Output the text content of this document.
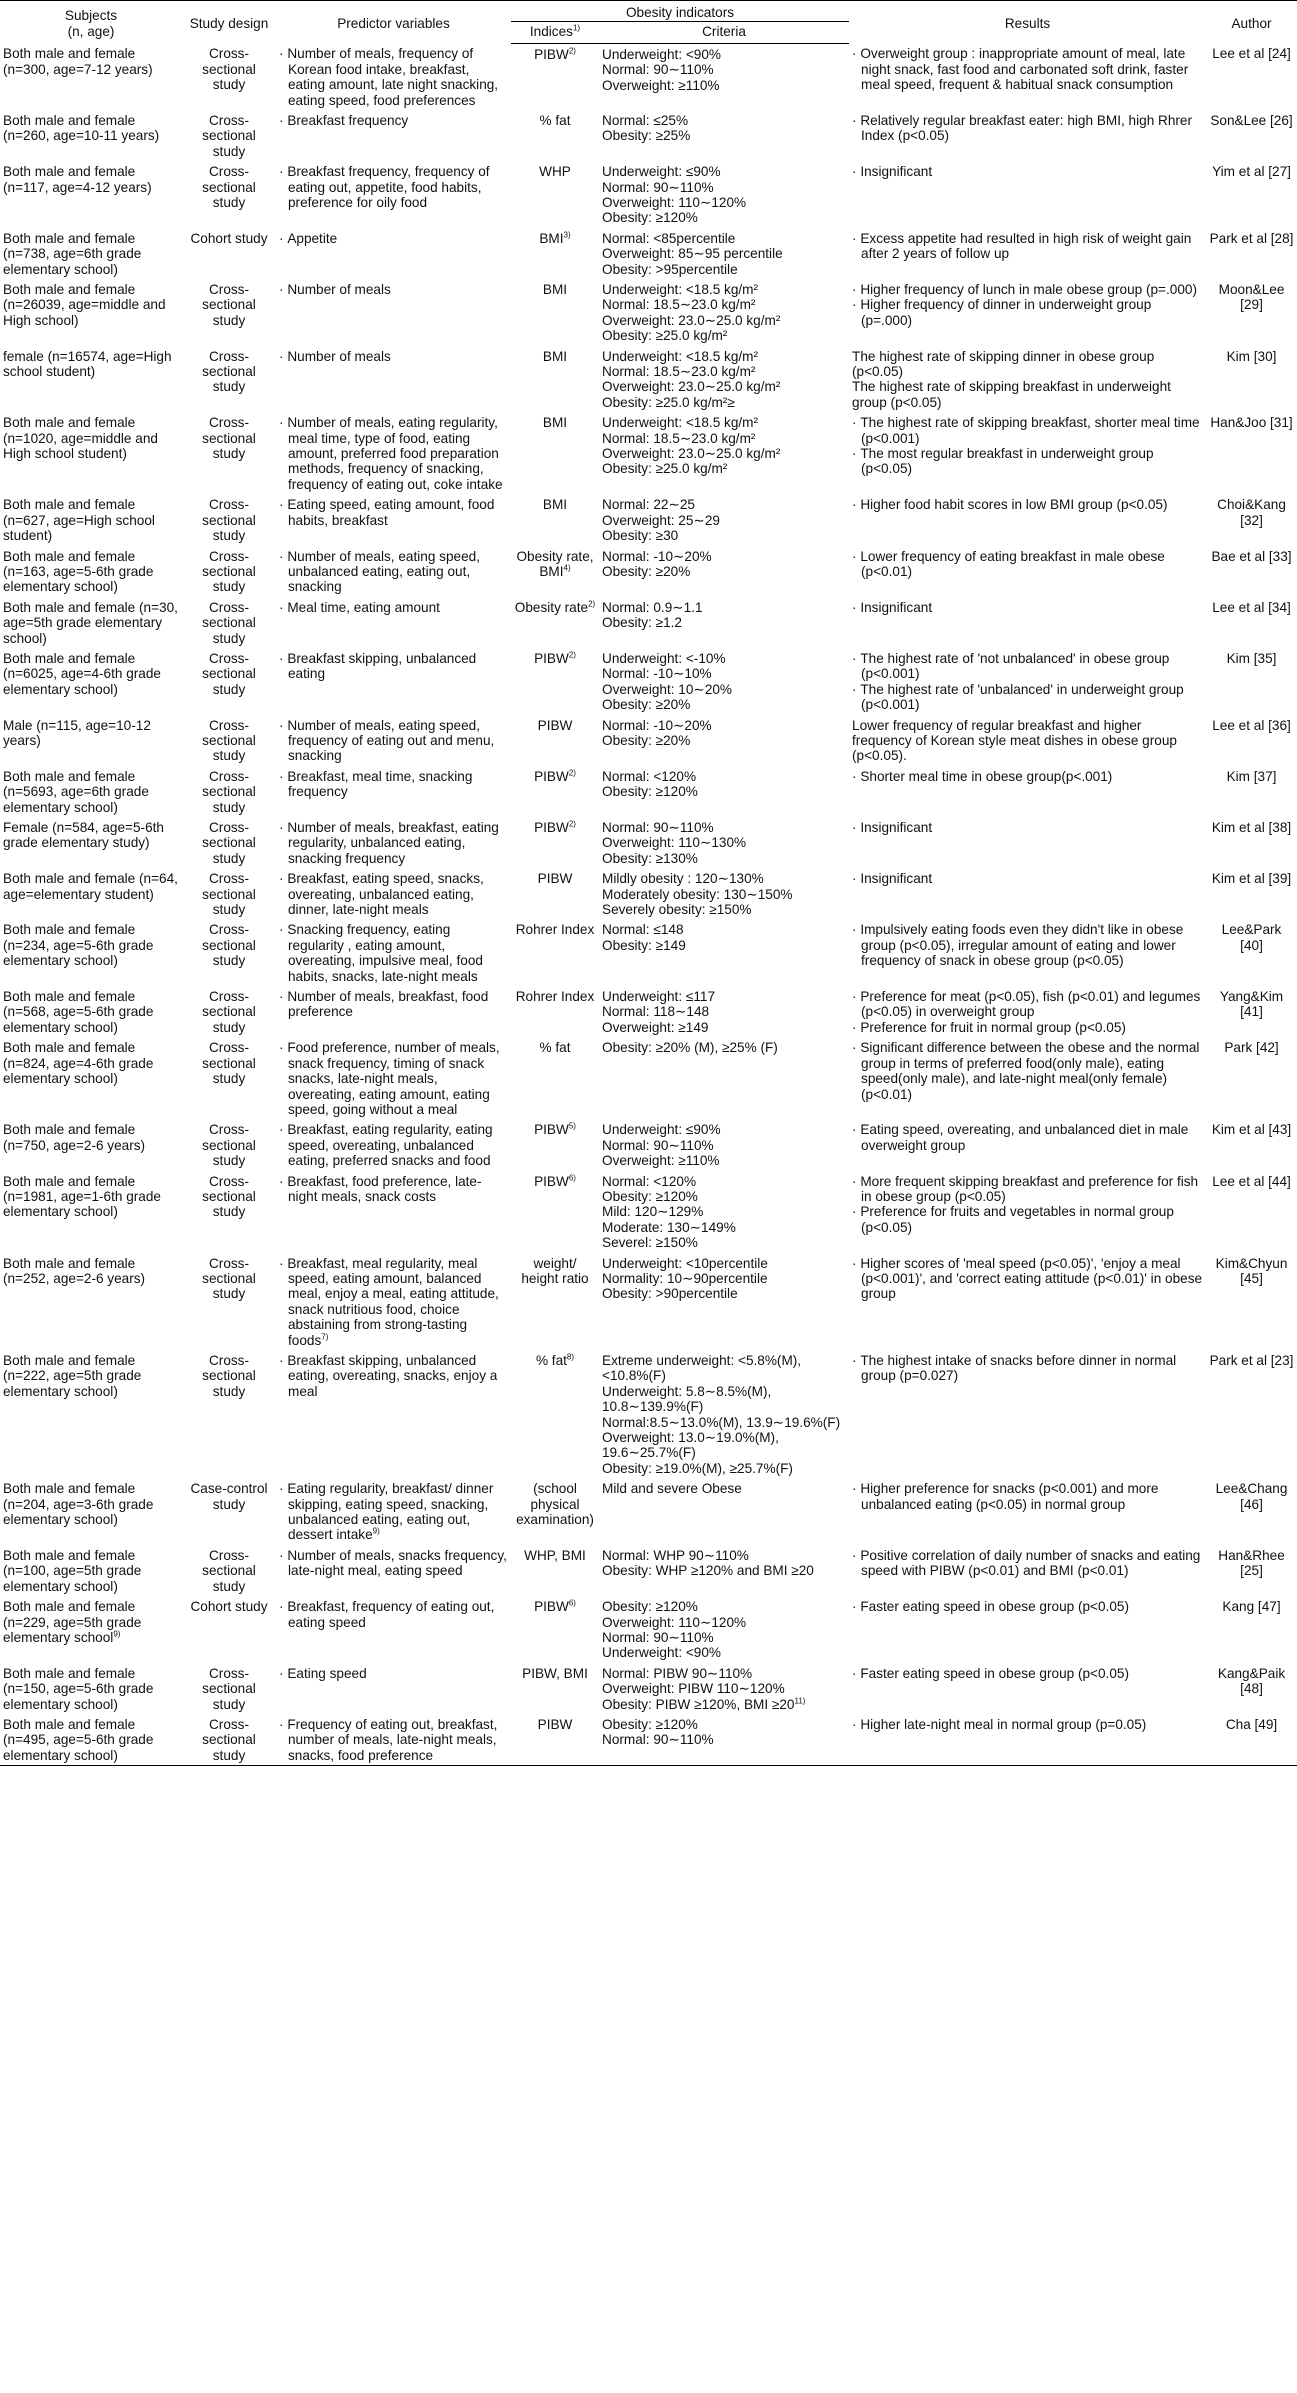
Subjects
(n, age)	Study design	Predictor variables	Obesity indicators		Results	Author
			Indices$^{1)}$	Criteria		
Both male and female (n=300, age=7-12 years)	Cross-sectional study	· Number of meals, frequency of Korean food intake, breakfast, eating amount, late night snacking, eating speed, food preferences	PIBW$^{2)}$	Underweight: <90%
Normal: 90∼110%
Overweight: ≥110%	· Overweight group : inappropriate amount of meal, late night snack, fast food and carbonated soft drink, faster meal speed, frequent & habitual snack consumption	Lee et al [24]
Both male and female (n=260, age=10-11 years)	Cross-sectional study	· Breakfast frequency	% fat	Normal: ≤25%
Obesity: ≥25%	· Relatively regular breakfast eater: high BMI, high Rhrer Index (p<0.05)	Son&Lee [26]
Both male and female (n=117, age=4-12 years)	Cross-sectional study	· Breakfast frequency, frequency of eating out, appetite, food habits, preference for oily food	WHP	Underweight: ≤90%
Normal: 90∼110%
Overweight: 110∼120%
Obesity: ≥120%	· Insignificant	Yim et al [27]
Both male and female (n=738, age=6th grade elementary school)	Cohort study	· Appetite	BMI$^{3)}$	Normal: <85percentile
Overweight: 85∼95 percentile
Obesity: >95percentile	· Excess appetite had resulted in high risk of weight gain after 2 years of follow up	Park et al [28]
Both male and female (n=26039, age=middle and High school)	Cross-sectional study	· Number of meals	BMI	Underweight: <18.5 kg/m²
Normal: 18.5∼23.0 kg/m²
Overweight: 23.0∼25.0 kg/m²
Obesity: ≥25.0 kg/m²	· Higher frequency of lunch in male obese group (p=.000)
· Higher frequency of dinner in underweight group (p=.000)	Moon&Lee [29]
female (n=16574, age=High school student)	Cross-sectional study	· Number of meals	BMI	Underweight: <18.5 kg/m²
Normal: 18.5∼23.0 kg/m²
Overweight: 23.0∼25.0 kg/m²
Obesity: ≥25.0 kg/m²≥	The highest rate of skipping dinner in obese group (p<0.05)
The highest rate of skipping breakfast in underweight group (p<0.05)	Kim [30]
Both male and female (n=1020, age=middle and High school student)	Cross-sectional study	· Number of meals, eating regularity, meal time, type of food, eating amount, preferred food preparation methods, frequency of snacking, frequency of eating out, coke intake	BMI	Underweight: <18.5 kg/m²
Normal: 18.5∼23.0 kg/m²
Overweight: 23.0∼25.0 kg/m²
Obesity: ≥25.0 kg/m²	· The highest rate of skipping breakfast, shorter meal time (p<0.001)
· The most regular breakfast in underweight group (p<0.05)	Han&Joo [31]
Both male and female (n=627, age=High school student)	Cross-sectional study	· Eating speed, eating amount, food habits, breakfast	BMI	Normal: 22∼25
Overweight: 25∼29
Obesity: ≥30	· Higher food habit scores in low BMI group (p<0.05)	Choi&Kang [32]
Both male and female (n=163, age=5-6th grade elementary school)	Cross-sectional study	· Number of meals, eating speed, unbalanced eating, eating out, snacking	Obesity rate, BMI$^{4)}$	Normal: -10∼20%
Obesity: ≥20%	· Lower frequency of eating breakfast in male obese (p<0.01)	Bae et al [33]
Both male and female (n=30, age=5th grade elementary school)	Cross-sectional study	· Meal time, eating amount	Obesity rate$^{2)}$	Normal: 0.9∼1.1
Obesity: ≥1.2	· Insignificant	Lee et al [34]
Both male and female (n=6025, age=4-6th grade elementary school)	Cross-sectional study	· Breakfast skipping, unbalanced eating	PIBW$^{2)}$	Underweight: <-10%
Normal: -10∼10%
Overweight: 10∼20%
Obesity: ≥20%	· The highest rate of 'not unbalanced' in obese group (p<0.001)
· The highest rate of 'unbalanced' in underweight group (p<0.001)	Kim [35]
Male (n=115, age=10-12 years)	Cross-sectional study	· Number of meals, eating speed, frequency of eating out and menu, snacking	PIBW	Normal: -10∼20%
Obesity: ≥20%	Lower frequency of regular breakfast and higher frequency of Korean style meat dishes in obese group (p<0.05).	Lee et al [36]
Both male and female (n=5693, age=6th grade elementary school)	Cross-sectional study	· Breakfast, meal time, snacking frequency	PIBW$^{2)}$	Normal: <120%
Obesity: ≥120%	· Shorter meal time in obese group(p<.001)	Kim [37]
Female (n=584, age=5-6th grade elementary study)	Cross-sectional study	· Number of meals, breakfast, eating regularity, unbalanced eating, snacking frequency	PIBW$^{2)}$	Normal: 90∼110%
Overweight: 110∼130%
Obesity: ≥130%	· Insignificant	Kim et al [38]
Both male and female (n=64, age=elementary student)	Cross-sectional study	· Breakfast, eating speed, snacks, overeating, unbalanced eating, dinner, late-night meals	PIBW	Mildly obesity : 120∼130%
Moderately obesity: 130∼150%
Severely obesity: ≥150%	· Insignificant	Kim et al [39]
Both male and female (n=234, age=5-6th grade elementary school)	Cross-sectional study	· Snacking frequency, eating regularity , eating amount, overeating, impulsive meal, food habits, snacks, late-night meals	Rohrer Index	Normal: ≤148
Obesity: ≥149	· Impulsively eating foods even they didn't like in obese group (p<0.05), irregular amount of eating and lower frequency of snack in obese group (p<0.05)	Lee&Park [40]
Both male and female (n=568, age=5-6th grade elementary school)	Cross-sectional study	· Number of meals, breakfast, food preference	Rohrer Index	Underweight: ≤117
Normal: 118∼148
Overweight: ≥149	· Preference for meat (p<0.05), fish (p<0.01) and legumes (p<0.05) in overweight group
· Preference for fruit in normal group (p<0.05)	Yang&Kim [41]
Both male and female (n=824, age=4-6th grade elementary school)	Cross-sectional study	· Food preference, number of meals, snack frequency, timing of snack snacks, late-night meals, overeating, eating amount, eating speed, going without a meal	% fat	Obesity: ≥20% (M), ≥25% (F)	· Significant difference between the obese and the normal group in terms of preferred food(only male), eating speed(only male), and late-night meal(only female) (p<0.01)	Park [42]
Both male and female (n=750, age=2-6 years)	Cross-sectional study	· Breakfast, eating regularity, eating speed, overeating, unbalanced eating, preferred snacks and food	PIBW$^{5)}$	Underweight: ≤90%
Normal: 90∼110%
Overweight: ≥110%	· Eating speed, overeating, and unbalanced diet in male overweight group	Kim et al [43]
Both male and female (n=1981, age=1-6th grade elementary school)	Cross-sectional study	· Breakfast, food preference, late-night meals, snack costs	PIBW$^{6)}$	Normal: <120%
Obesity: ≥120%
Mild: 120∼129%
Moderate: 130∼149%
Severel: ≥150%	· More frequent skipping breakfast and preference for fish in obese group (p<0.05)
· Preference for fruits and vegetables in normal group (p<0.05)	Lee et al [44]
Both male and female (n=252, age=2-6 years)	Cross-sectional study	· Breakfast, meal regularity, meal speed, eating amount, balanced meal, enjoy a meal, eating attitude, snack nutritious food, choice abstaining from strong-tasting foods$^{7)}$	weight/ height ratio	Underweight: <10percentile
Normality: 10∼90percentile
Obesity: >90percentile	· Higher scores of 'meal speed (p<0.05)', 'enjoy a meal (p<0.001)', and 'correct eating attitude (p<0.01)' in obese group	Kim&Chyun [45]
Both male and female (n=222, age=5th grade elementary school)	Cross-sectional study	· Breakfast skipping, unbalanced eating, overeating, snacks, enjoy a meal	% fat$^{8)}$	Extreme underweight: <5.8%(M), <10.8%(F)
Underweight: 5.8∼8.5%(M), 10.8∼139.9%(F)
Normal:8.5∼13.0%(M), 13.9∼19.6%(F)
Overweight: 13.0∼19.0%(M), 19.6∼25.7%(F)
Obesity: ≥19.0%(M), ≥25.7%(F)	· The highest intake of snacks before dinner in normal group (p=0.027)	Park et al [23]
Both male and female (n=204, age=3-6th grade elementary school)	Case-control study	· Eating regularity, breakfast/ dinner skipping, eating speed, snacking, unbalanced eating, eating out, dessert intake$^{9)}$	(school physical examination)	Mild and severe Obese	· Higher preference for snacks (p<0.001) and more unbalanced eating (p<0.05) in normal group	Lee&Chang [46]
Both male and female (n=100, age=5th grade elementary school)	Cross-sectional study	· Number of meals, snacks frequency, late-night meal, eating speed	WHP, BMI	Normal: WHP 90∼110%
Obesity: WHP ≥120% and BMI ≥20	· Positive correlation of daily number of snacks and eating speed with PIBW (p<0.01) and BMI (p<0.01)	Han&Rhee [25]
Both male and female (n=229, age=5th grade elementary school$^{9)}$	Cohort study	· Breakfast, frequency of eating out, eating speed	PIBW$^{6)}$	Obesity: ≥120%
Overweight: 110∼120%
Normal: 90∼110%
Underweight: <90%	· Faster eating speed in obese group (p<0.05)	Kang [47]
Both male and female (n=150, age=5-6th grade elementary school)	Cross-sectional study	· Eating speed	PIBW, BMI	Normal: PIBW 90∼110%
Overweight: PIBW 110∼120%
Obesity: PIBW ≥120%, BMI $\ge 20^{11)}$	· Faster eating speed in obese group (p<0.05)	Kang&Paik [48]
Both male and female (n=495, age=5-6th grade elementary school)	Cross-sectional study	· Frequency of eating out, breakfast, number of meals, late-night meals, snacks, food preference	PIBW	Obesity: ≥120%
Normal: 90∼110%	· Higher late-night meal in normal group (p=0.05)	Cha [49]
